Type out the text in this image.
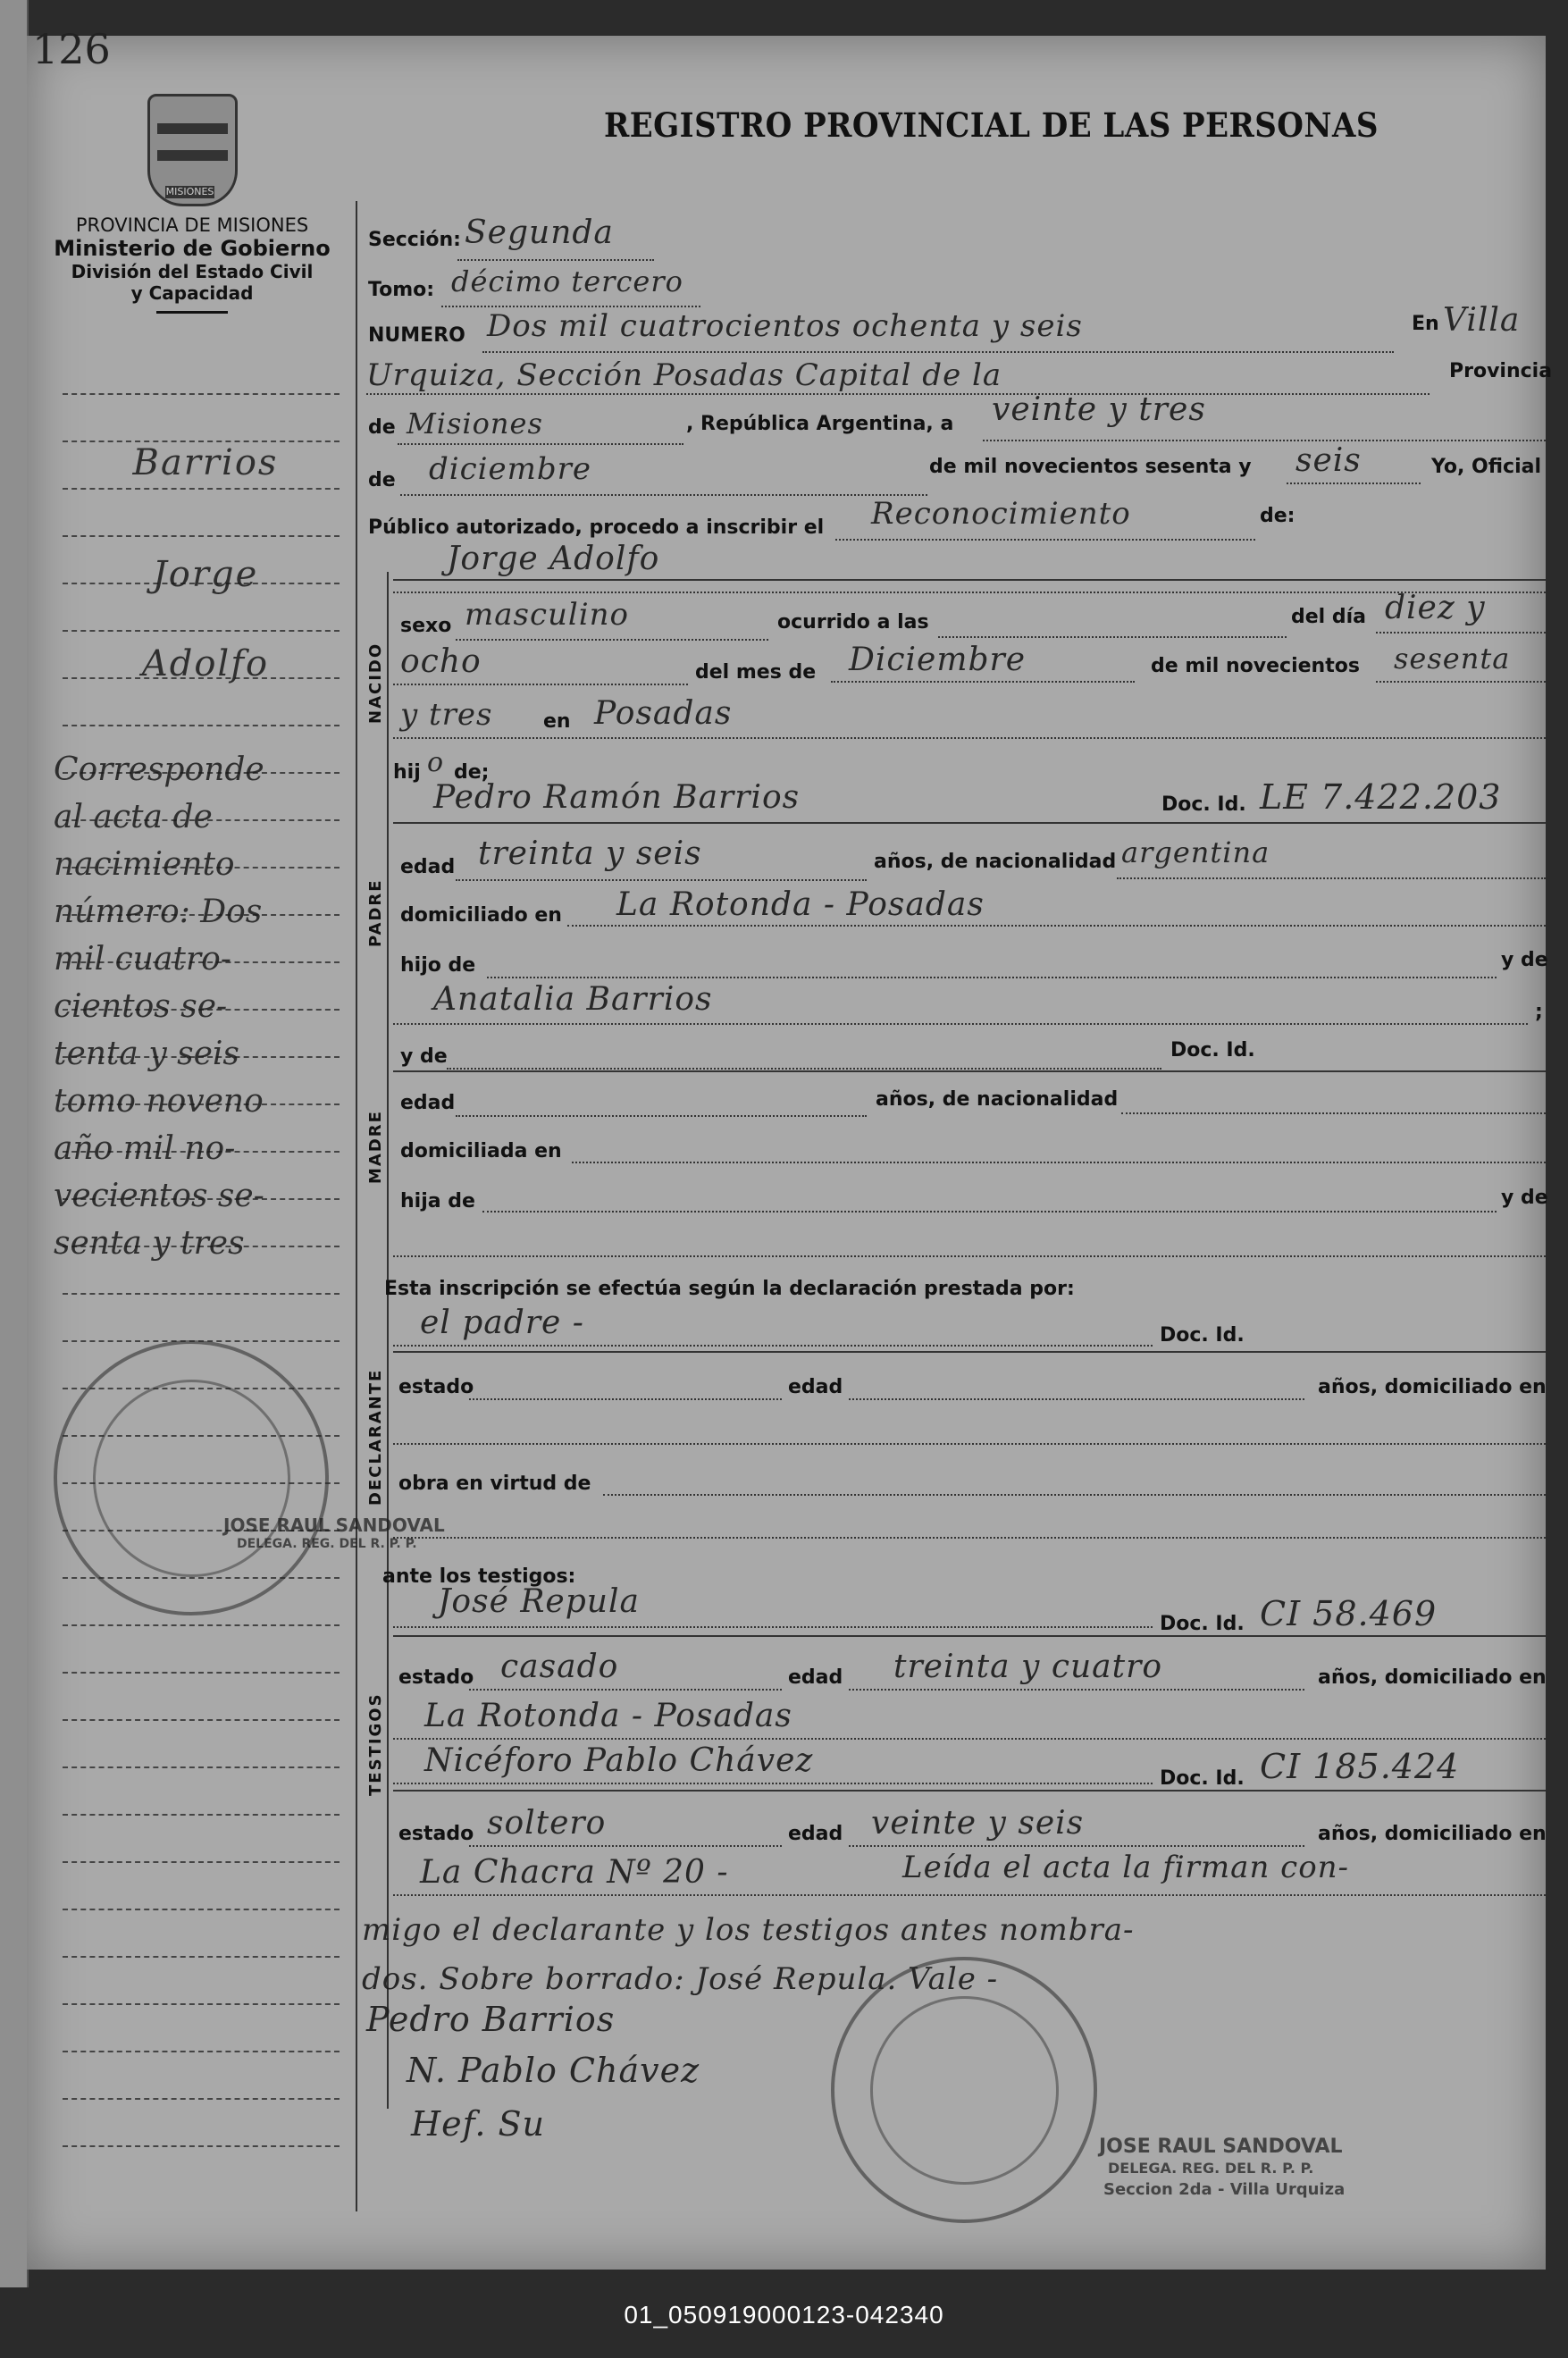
126
REGISTRO PROVINCIAL DE LAS PERSONAS
MISIONES
PROVINCIA DE MISIONES
Ministerio de Gobierno
División del Estado Civil
y Capacidad
Barrios
Jorge
Adolfo
Corresponde
al acta de
nacimiento
número: Dos
mil cuatro-
cientos se-
tenta y seis
tomo noveno
año mil no-
vecientos se-
senta y tres
Sección: Segunda
Tomo: décimo tercero
NUMERO Dos mil cuatrocientos ochenta y seis	En Villa
Urquiza, Sección Posadas Capital de la	Provincia
de Misiones	, República Argentina, a veinte y tres
de diciembre	de mil novecientos sesenta y seis	Yo, Oficial
Público autorizado, procedo a inscribir el Reconocimiento	de:
NACIDO
Jorge Adolfo
sexo masculino	ocurrido a las	del día diez y
ocho	del mes de Diciembre	de mil novecientos sesenta
y tres	en Posadas
hij o de;
PADRE
Pedro Ramón Barrios	Doc. Id. LE 7.422.203
edad treinta y seis	años, de nacionalidad argentina
domiciliado en La Rotonda - Posadas
hijo de	y de
Anatalia Barrios	;
MADRE
y de	Doc. Id.
edad	años, de nacionalidad
domiciliada en
hija de	y de
Esta inscripción se efectúa según la declaración prestada por:
DECLARANTE
el padre -	Doc. Id.
estado	edad	años, domiciliado en
obra en virtud de
ante los testigos:
TESTIGOS
José Repula
Doc. Id. CI 58.469
estado casado	edad treinta y cuatro	años, domiciliado en
La Rotonda - Posadas
Nicéforo Pablo Chávez	Doc. Id. CI 185.424
estado soltero	edad veinte y seis	años, domiciliado en
La Chacra Nº 20 -	Leída el acta la firman con-
migo el declarante y los testigos antes nombra-
dos. Sobre borrado: José Repula. Vale -
Pedro Barrios
N. Pablo Chávez
Hef. Su
JOSE RAUL SANDOVAL
DELEGA. REG. DEL R. P. P.
JOSE RAUL SANDOVAL
DELEGA. REG. DEL R. P. P.
Seccion 2da - Villa Urquiza
01_050919000123-042340
